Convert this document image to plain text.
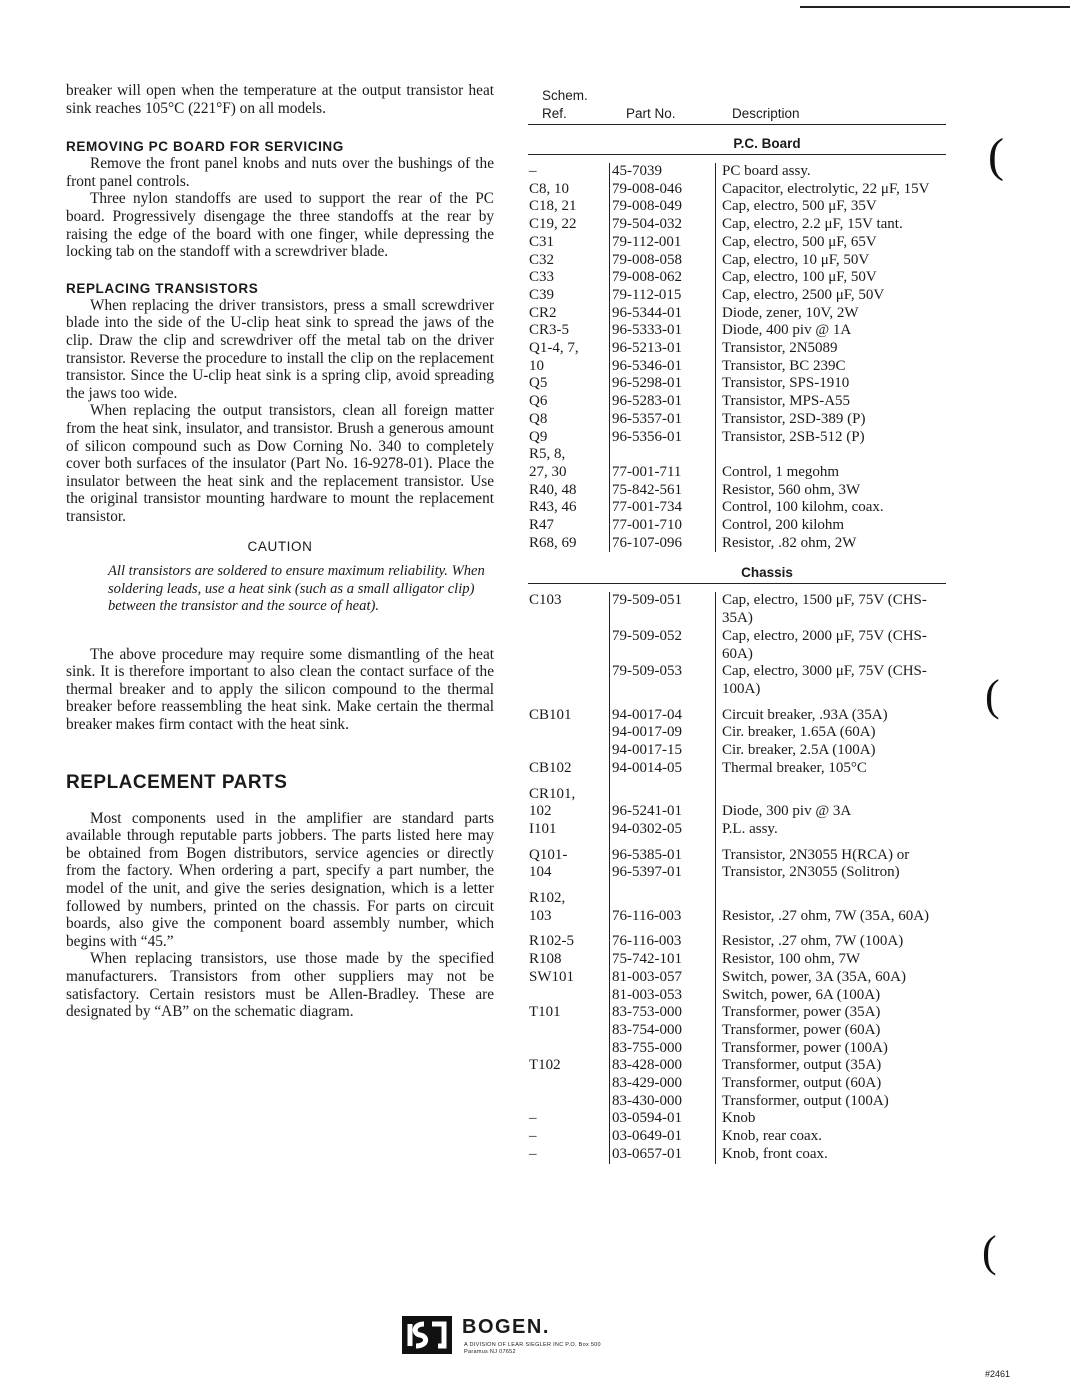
breaker will open when the temperature at the output transistor heat sink reaches 105°C (221°F) on all models.

REMOVING PC BOARD FOR SERVICING

Remove the front panel knobs and nuts over the bushings of the front panel controls.

Three nylon standoffs are used to support the rear of the PC board. Progressively disengage the three standoffs at the rear by raising the edge of the board with one finger, while depressing the locking tab on the standoff with a screwdriver blade.

REPLACING TRANSISTORS

When replacing the driver transistors, press a small screwdriver blade into the side of the U-clip heat sink to spread the jaws of the clip. Draw the clip and screwdriver off the metal tab on the driver transistor. Reverse the procedure to install the clip on the replacement transistor. Since the U-clip heat sink is a spring clip, avoid spreading the jaws too wide.

When replacing the output transistors, clean all foreign matter from the heat sink, insulator, and transistor. Brush a generous amount of silicon compound such as Dow Corning No. 340 to completely cover both surfaces of the insulator (Part No. 16-9278-01). Place the insulator between the heat sink and the replacement transistor. Use the original transistor mounting hardware to mount the replacement transistor.

CAUTION

All transistors are soldered to ensure maximum reliability. When soldering leads, use a heat sink (such as a small alligator clip) between the transistor and the source of heat).

The above procedure may require some dismantling of the heat sink. It is therefore important to also clean the contact surface of the thermal breaker and to apply the silicon compound to the thermal breaker before reassembling the heat sink. Make certain the thermal breaker makes firm contact with the heat sink.

REPLACEMENT PARTS

Most components used in the amplifier are standard parts available through reputable parts jobbers. The parts listed here may be obtained from Bogen distributors, service agencies or directly from the factory. When ordering a part, specify a part number, the model of the unit, and give the series designation, which is a letter followed by numbers, printed on the chassis. For parts on circuit boards, also give the component board assembly number, which begins with “45.”

When replacing transistors, use those made by the specified manufacturers. Transistors from other suppliers may not be satisfactory. Certain resistors must be Allen-Bradley. These are designated by “AB” on the schematic diagram.

Schem.
Ref.	Part No.	Description
P.C. Board
–	45-7039	PC board assy.
C8, 10	79-008-046	Capacitor, electrolytic, 22 μF, 15V
C18, 21	79-008-049	Cap, electro, 500 μF, 35V
C19, 22	79-504-032	Cap, electro, 2.2 μF, 15V tant.
C31	79-112-001	Cap, electro, 500 μF, 65V
C32	79-008-058	Cap, electro, 10 μF, 50V
C33	79-008-062	Cap, electro, 100 μF, 50V
C39	79-112-015	Cap, electro, 2500 μF, 50V
CR2	96-5344-01	Diode, zener, 10V, 2W
CR3-5	96-5333-01	Diode, 400 piv @ 1A
Q1-4, 7,	96-5213-01	Transistor, 2N5089
10	96-5346-01	Transistor, BC 239C
Q5	96-5298-01	Transistor, SPS-1910
Q6	96-5283-01	Transistor, MPS-A55
Q8	96-5357-01	Transistor, 2SD-389 (P)
Q9	96-5356-01	Transistor, 2SB-512 (P)
R5, 8,
27, 30	77-001-711	Control, 1 megohm
R40, 48	75-842-561	Resistor, 560 ohm, 3W
R43, 46	77-001-734	Control, 100 kilohm, coax.
R47	77-001-710	Control, 200 kilohm
R68, 69	76-107-096	Resistor, .82 ohm, 2W
Chassis
C103	79-509-051	Cap, electro, 1500 μF, 75V (CHS-35A)
79-509-052	Cap, electro, 2000 μF, 75V (CHS-60A)
79-509-053	Cap, electro, 3000 μF, 75V (CHS-100A)
CB101	94-0017-04	Circuit breaker, .93A (35A)
94-0017-09	Cir. breaker, 1.65A (60A)
94-0017-15	Cir. breaker, 2.5A (100A)
CB102	94-0014-05	Thermal breaker, 105°C
CR101,
102	96-5241-01	Diode, 300 piv @ 3A
I101	94-0302-05	P.L. assy.
Q101-	96-5385-01	Transistor, 2N3055 H(RCA) or
104	96-5397-01	Transistor, 2N3055 (Solitron)
R102,
103	76-116-003	Resistor, .27 ohm, 7W (35A, 60A)
R102-5	76-116-003	Resistor, .27 ohm, 7W (100A)
R108	75-742-101	Resistor, 100 ohm, 7W
SW101	81-003-057	Switch, power, 3A (35A, 60A)
81-003-053	Switch, power, 6A (100A)
T101	83-753-000	Transformer, power (35A)
83-754-000	Transformer, power (60A)
83-755-000	Transformer, power (100A)
T102	83-428-000	Transformer, output (35A)
83-429-000	Transformer, output (60A)
83-430-000	Transformer, output (100A)
–	03-0594-01	Knob
–	03-0649-01	Knob, rear coax.
–	03-0657-01	Knob, front coax.
(
(
(
BOGEN.
A DIVISION OF LEAR SIEGLER INC P.O. Box 500 Paramus NJ 07652
#2461
